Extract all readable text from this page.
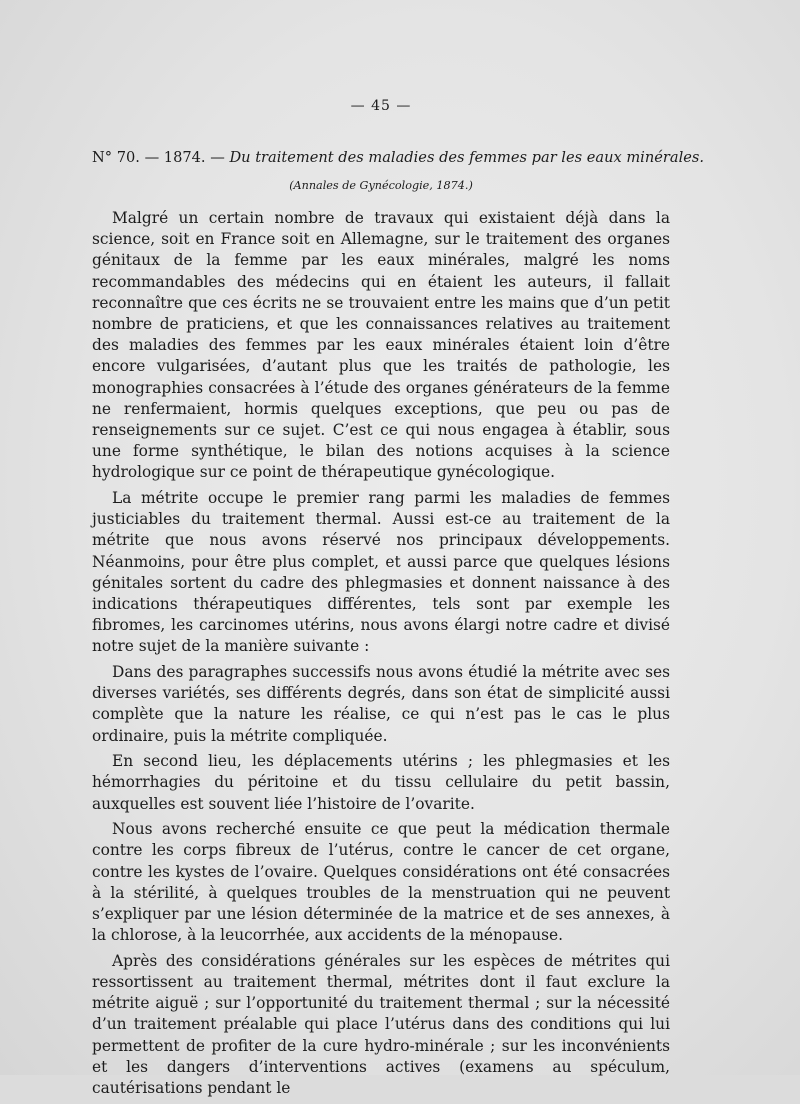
— 45 —
N° 70. — 1874. — Du traitement des maladies des femmes par les eaux minérales.
(Annales de Gynécologie, 1874.)

Malgré un certain nombre de travaux qui existaient déjà dans la science, soit en France soit en Allemagne, sur le traitement des organes génitaux de la femme par les eaux minérales, malgré les noms recommandables des médecins qui en étaient les auteurs, il fallait reconnaître que ces écrits ne se trouvaient entre les mains que d’un petit nombre de praticiens, et que les connaissances relatives au traitement des maladies des femmes par les eaux minérales étaient loin d’être encore vulgarisées, d’autant plus que les traités de pathologie, les monographies consacrées à l’étude des organes générateurs de la femme ne renfermaient, hormis quelques exceptions, que peu ou pas de renseignements sur ce sujet. C’est ce qui nous engagea à établir, sous une forme synthétique, le bilan des notions acquises à la science hydrologique sur ce point de thérapeutique gynécologique.

La métrite occupe le premier rang parmi les maladies de femmes justiciables du traitement thermal. Aussi est-ce au traitement de la métrite que nous avons réservé nos principaux développements. Néanmoins, pour être plus complet, et aussi parce que quelques lésions génitales sortent du cadre des phlegmasies et donnent naissance à des indications thérapeutiques différentes, tels sont par exemple les fibromes, les carcinomes utérins, nous avons élargi notre cadre et divisé notre sujet de la manière suivante :

Dans des paragraphes successifs nous avons étudié la métrite avec ses diverses variétés, ses différents degrés, dans son état de simplicité aussi complète que la nature les réalise, ce qui n’est pas le cas le plus ordinaire, puis la métrite compliquée.

En second lieu, les déplacements utérins ; les phlegmasies et les hémorrhagies du péritoine et du tissu cellulaire du petit bassin, auxquelles est souvent liée l’histoire de l’ovarite.

Nous avons recherché ensuite ce que peut la médication thermale contre les corps fibreux de l’utérus, contre le cancer de cet organe, contre les kystes de l’ovaire. Quelques considérations ont été consacrées à la stérilité, à quelques troubles de la menstruation qui ne peuvent s’expliquer par une lésion déterminée de la matrice et de ses annexes, à la chlorose, à la leucorrhée, aux accidents de la ménopause.

Après des considérations générales sur les espèces de métrites qui ressortissent au traitement thermal, métrites dont il faut exclure la métrite aiguë ; sur l’opportunité du traitement thermal ; sur la nécessité d’un traitement préalable qui place l’utérus dans des conditions qui lui permettent de profiter de la cure hydro-minérale ; sur les inconvénients et les dangers d’interventions actives (examens au spéculum, cautérisations pendant le
